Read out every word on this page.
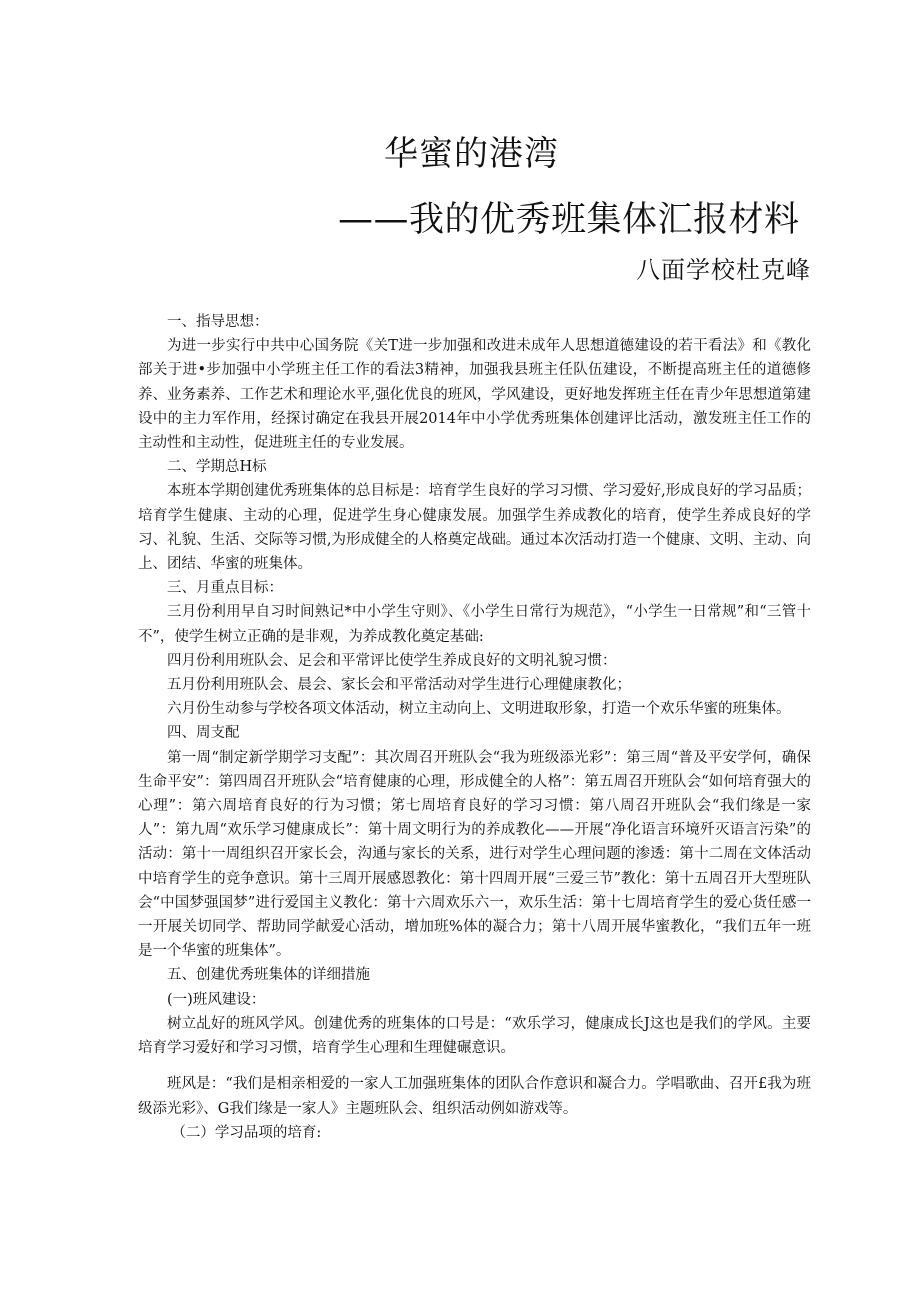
华蜜的港湾
——我的优秀班集体汇报材料
八面学校杜克峰

一、指导思想：

为进一步实行中共中心国务院《关T进一步加强和改进未成年人思想道德建设的若干看法》和《教化部关于进•步加强中小学班主任工作的看法3精神，加强我县班主任队伍建设，不断提高班主任的道德修养、业务素养、工作艺术和理论水平,强化优良的班风，学风建设，更好地发挥班主任在青少年思想道第建设中的主力军作用，经探讨确定在我县开展2014年中小学优秀班集体创建评比活动，激发班主任工作的主动性和主动性，促进班主任的专业发展。

二、学期总H标

本班本学期创建优秀班集体的总目标是：培育学生良好的学习习惯、学习爱好,形成良好的学习品质；培育学生健康、主动的心理，促进学生身心健康发展。加强学生养成教化的培育，使学生养成良好的学习、礼貌、生活、交际等习惯,为形成健全的人格奠定战础。通过本次活动打造一个健康、文明、主动、向上、团结、华蜜的班集体。

三、月重点目标：

三月份利用早自习时间熟记*中小学生守则》、《小学生日常行为规范》，“小学生一日常规”和“三管十不”，使学生树立正确的是非观，为养成教化奠定基础:

四月份利用班队会、足会和平常评比使学生养成良好的文明礼貌习惯：

五月份利用班队会、晨会、家长会和平常活动对学生进行心理健康教化；

六月份生动参与学校各项文体活动，树立主动向上、文明进取形象，打造一个欢乐华蜜的班集体。

四、周支配

第一周“制定新学期学习支配”：其次周召开班队会“我为班级添光彩”：第三周“普及平安学何，确保生命平安”：第四周召开班队会“培育健康的心理，形成健全的人格”：第五周召开班队会“如何培育强大的心理”：第六周培育良好的行为习惯；笫七周培育良好的学习习惯：第八周召开班队会“我们缘是一家人”：第九周“欢乐学习健康成长”：第十周文明行为的养成教化——开展“净化语言环境歼灭语言污染”的活动：第十一周组织召开家长会，沟通与家长的关系，进行对学生心理问题的渗透：第十二周在文体活动中培育学生的竞争意识。第十三周开展感恩教化：第十四周开展“三爱三节”教化：第十五周召开大型班队会“中国梦强国梦”进行爱国主义教化：第十六周欢乐六一，欢乐生活：第十七周培育学生的爱心货任感一一开展关切同学、帮助同学献爱心活动，增加班%体的凝合力；第十八周开展华蜜教化，“我们五年一班是一个华蜜的班集体”。

五、创建优秀班集体的详细措施

(一)班风建设：

树立乩好的班风学风。创建优秀的班集体的口号是：“欢乐学习，健康成长J这也是我们的学风。主要培育学习爱好和学习习惯，培育学生心理和生理健碾意识。

班风是：“我们是相亲相爱的一家人工加强班集体的团队合作意识和凝合力。学唱歌曲、召开£我为班级添光彩》、G我们缘是一家人》主题班队会、组织活动例如游戏等。

（二）学习品项的培育:
